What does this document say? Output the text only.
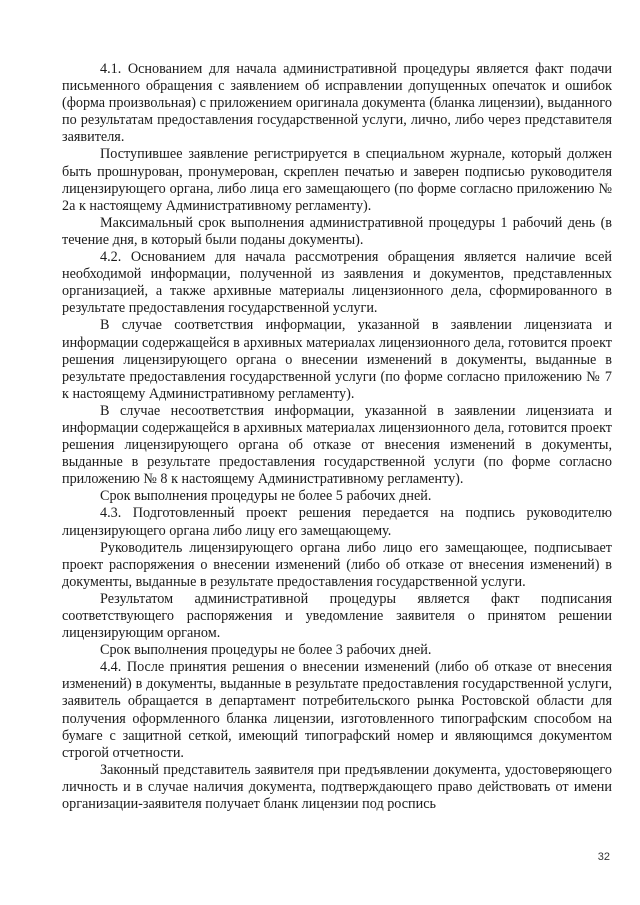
4.1. Основанием для начала административной процедуры является факт подачи письменного обращения с заявлением об исправлении допущенных опечаток и ошибок (форма произвольная) с приложением оригинала документа (бланка лицензии), выданного по результатам предоставления государственной услуги, лично, либо через представителя заявителя.

Поступившее заявление регистрируется в специальном журнале, который должен быть прошнурован, пронумерован, скреплен печатью и заверен подписью руководителя лицензирующего органа, либо лица его замещающего (по форме согласно приложению № 2а к настоящему Административному регламенту).

Максимальный срок выполнения административной процедуры 1 рабочий день (в течение дня, в который были поданы документы).

4.2. Основанием для начала рассмотрения обращения является наличие всей необходимой информации, полученной из заявления и документов, представленных организацией, а также архивные материалы лицензионного дела, сформированного в результате предоставления государственной услуги.

В случае соответствия информации, указанной в заявлении лицензиата и информации содержащейся в архивных материалах лицензионного дела, готовится проект решения лицензирующего органа о внесении изменений в документы, выданные в результате предоставления государственной услуги (по форме согласно приложению № 7 к настоящему Административному регламенту).

В случае несоответствия информации, указанной в заявлении лицензиата и информации содержащейся в архивных материалах лицензионного дела, готовится проект решения лицензирующего органа об отказе от внесения изменений в документы, выданные в результате предоставления государственной услуги (по форме согласно приложению № 8 к настоящему Административному регламенту).

Срок выполнения процедуры не более 5 рабочих дней.

4.3. Подготовленный проект решения передается на подпись руководителю лицензирующего органа либо лицу его замещающему.

Руководитель лицензирующего органа либо лицо его замещающее, подписывает проект распоряжения о внесении изменений (либо об отказе от внесения изменений) в документы, выданные в результате предоставления государственной услуги.

Результатом административной процедуры является факт подписания соответствующего распоряжения и уведомление заявителя о принятом решении лицензирующим органом.

Срок выполнения процедуры не более 3 рабочих дней.

4.4. После принятия решения о внесении изменений (либо об отказе от внесения изменений) в документы, выданные в результате предоставления государственной услуги, заявитель обращается в департамент потребительского рынка Ростовской области для получения оформленного бланка лицензии, изготовленного типографским способом на бумаге с защитной сеткой, имеющий типографский номер и являющимся документом строгой отчетности.

Законный представитель заявителя при предъявлении документа, удостоверяющего личность и в случае наличия документа, подтверждающего право действовать от имени организации-заявителя получает бланк лицензии под роспись

32
